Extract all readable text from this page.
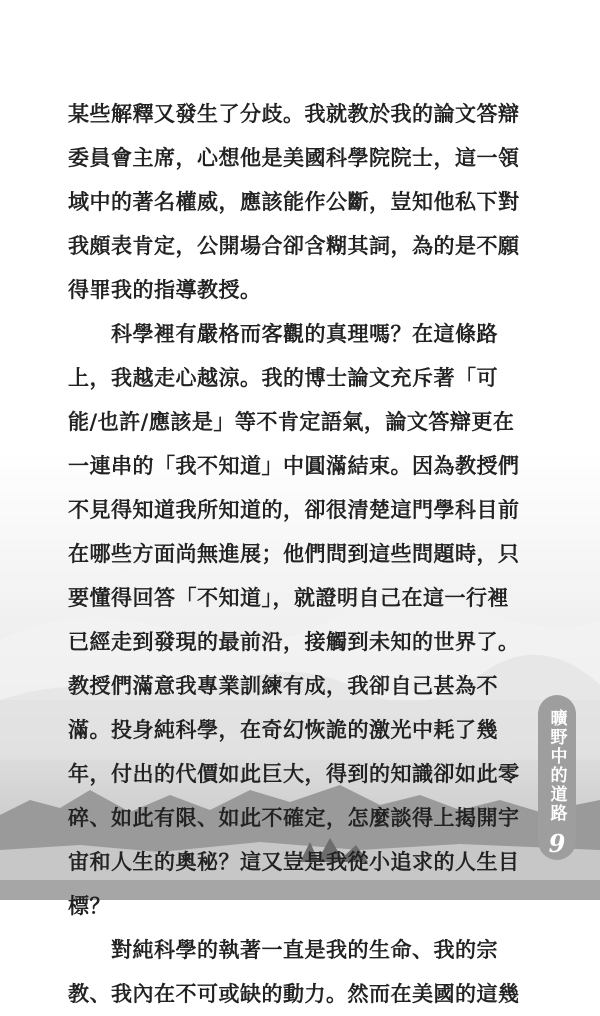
某些解釋又發生了分歧。我就教於我的論文答辯
委員會主席，心想他是美國科學院院士，這一領
域中的著名權威，應該能作公斷，豈知他私下對
我頗表肯定，公開場合卻含糊其詞，為的是不願
得罪我的指導教授。
　　科學裡有嚴格而客觀的真理嗎？在這條路
上，我越走心越涼。我的博士論文充斥著「可
能/也許/應該是」等不肯定語氣，論文答辯更在
一連串的「我不知道」中圓滿結束。因為教授們
不見得知道我所知道的，卻很清楚這門學科目前
在哪些方面尚無進展；他們問到這些問題時，只
要懂得回答「不知道」，就證明自己在這一行裡
已經走到發現的最前沿，接觸到未知的世界了。
教授們滿意我專業訓練有成，我卻自己甚為不
滿。投身純科學，在奇幻恢詭的激光中耗了幾
年，付出的代價如此巨大，得到的知識卻如此零
碎、如此有限、如此不確定，怎麼談得上揭開宇
宙和人生的奧秘？這又豈是我從小追求的人生目
標？
　　對純科學的執著一直是我的生命、我的宗
教、我內在不可或缺的動力。然而在美國的這幾
曠野中的道路
9
